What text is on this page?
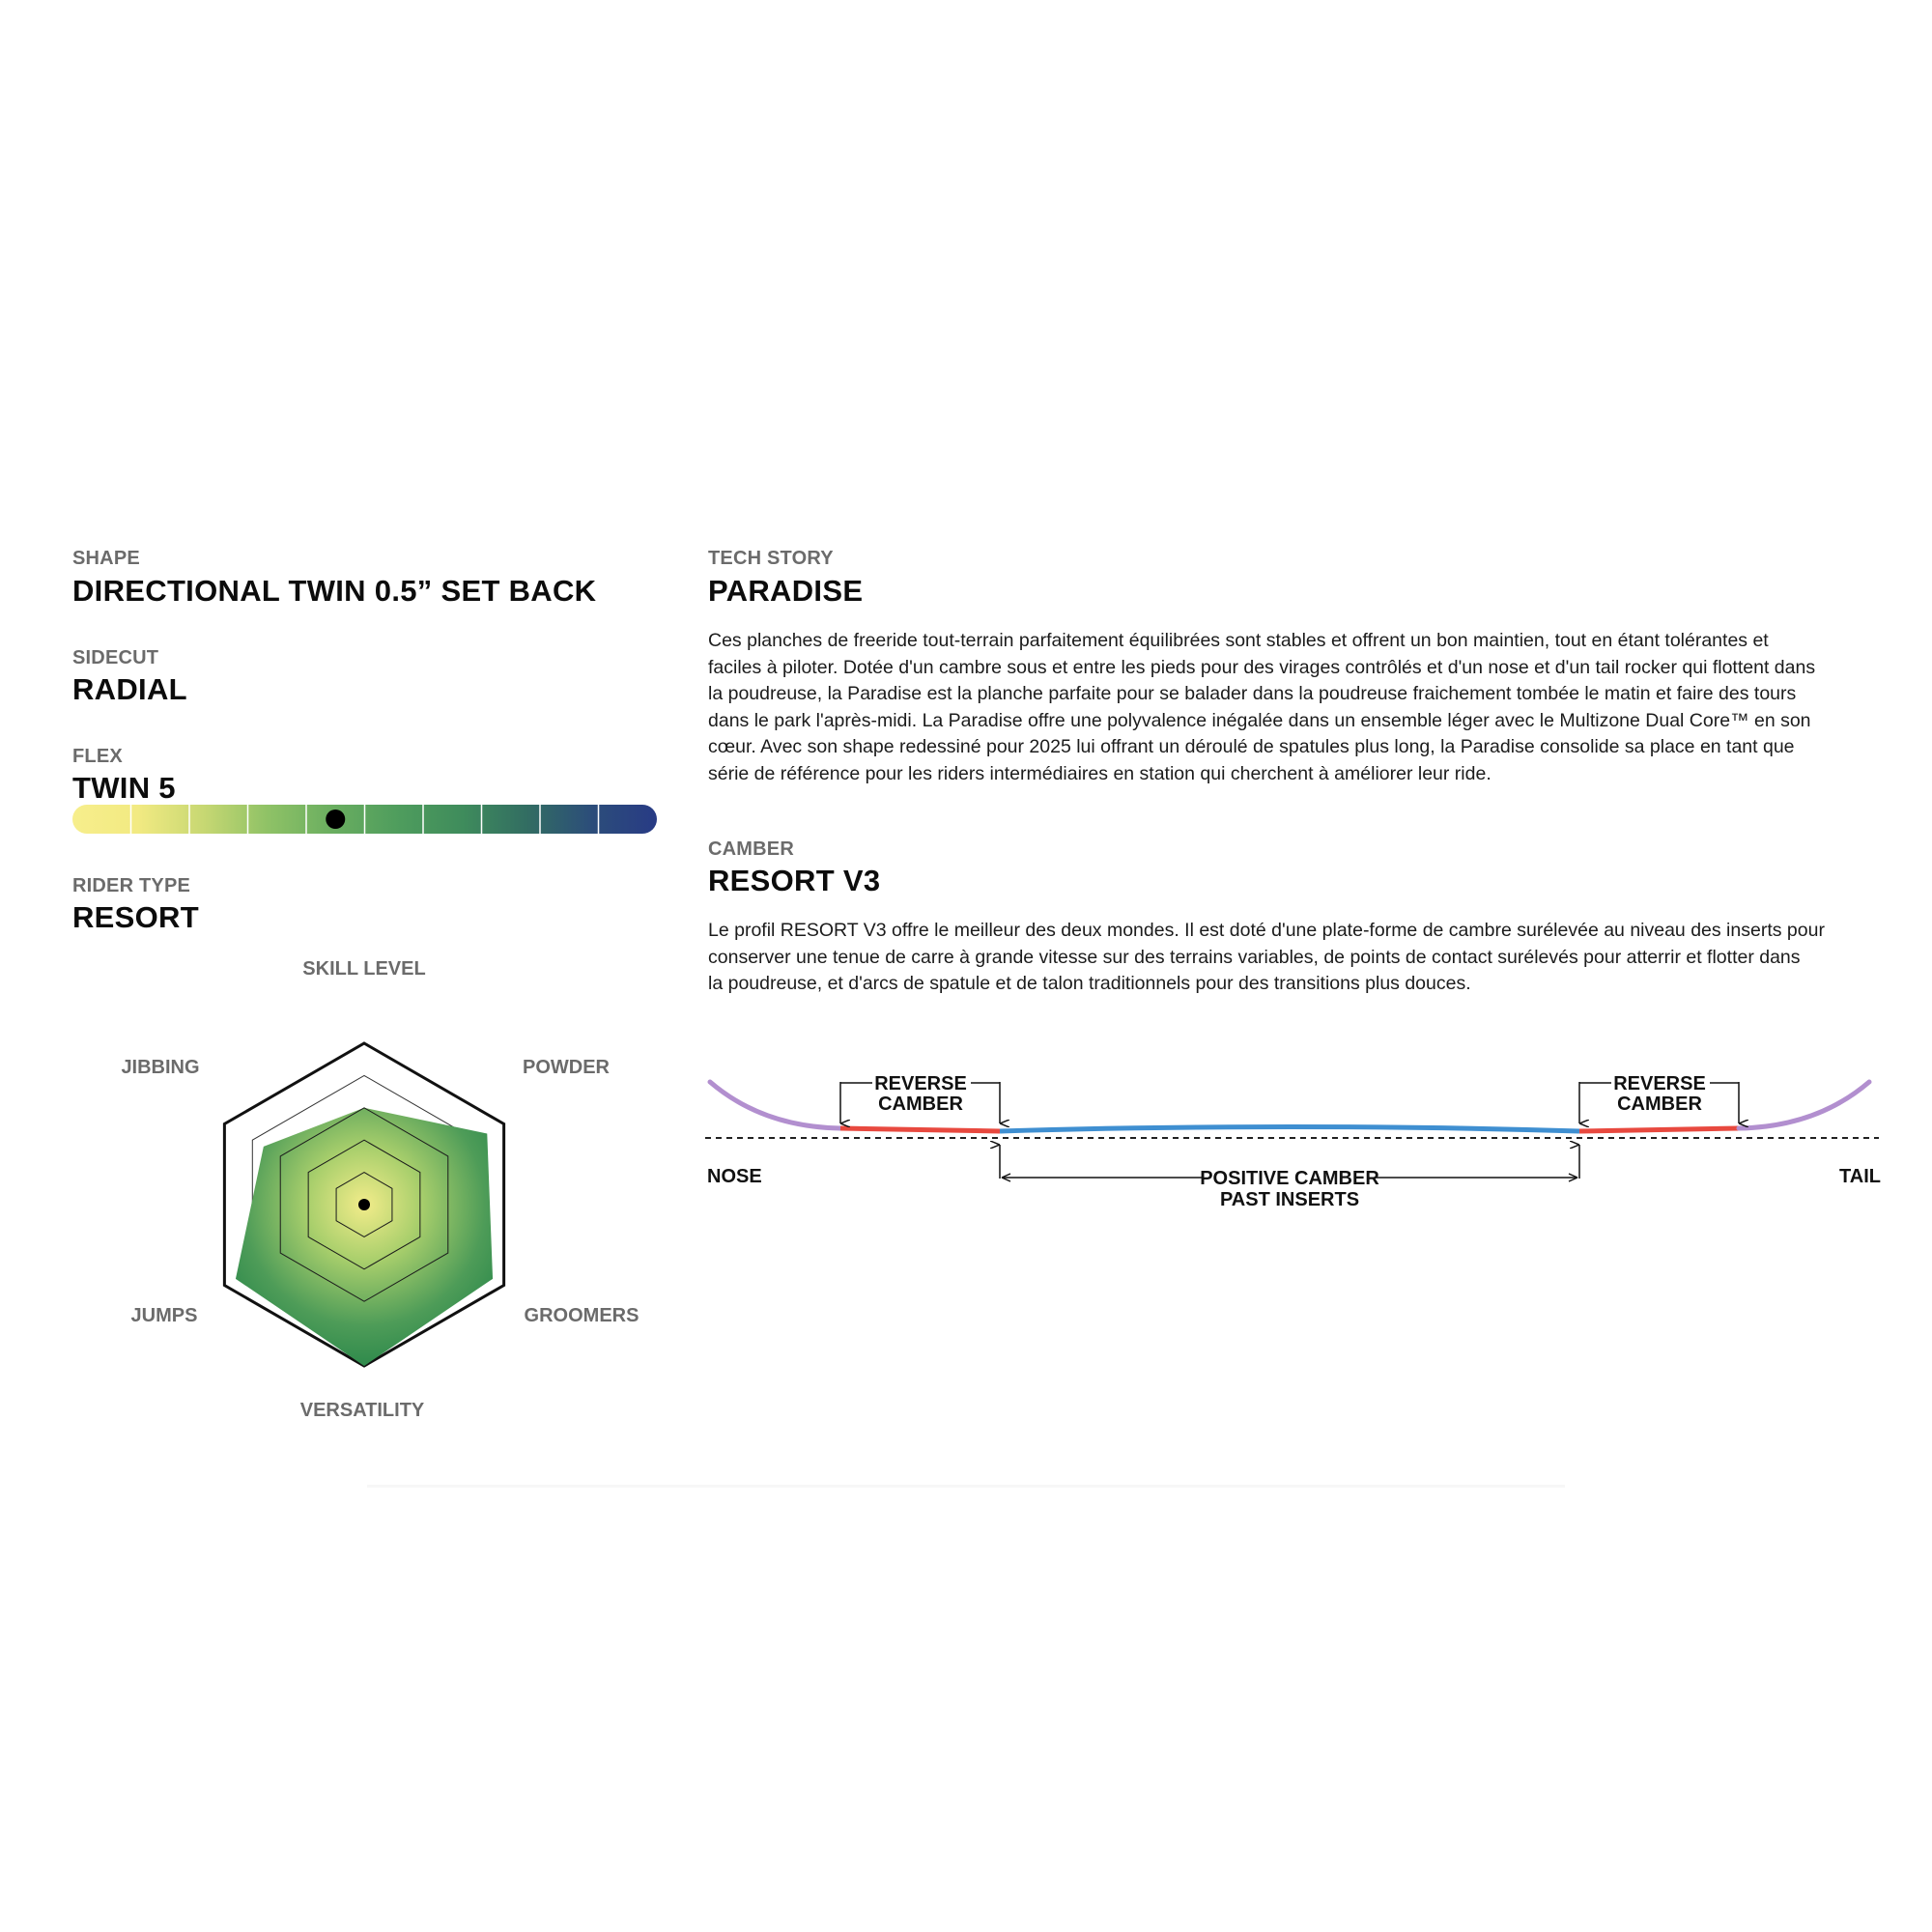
SHAPE
DIRECTIONAL TWIN 0.5” SET BACK
SIDECUT
RADIAL
FLEX
TWIN 5
RIDER TYPE
RESORT
SKILL LEVEL
POWDER
GROOMERS
VERSATILITY
JUMPS
JIBBING
TECH STORY
PARADISE
Ces planches de freeride tout-terrain parfaitement équilibrées sont stables et offrent un bon maintien, tout en étant tolérantes et
faciles à piloter. Dotée d'un cambre sous et entre les pieds pour des virages contrôlés et d'un nose et d'un tail rocker qui flottent dans
la poudreuse, la Paradise est la planche parfaite pour se balader dans la poudreuse fraichement tombée le matin et faire des tours
dans le park l'après-midi. La Paradise offre une polyvalence inégalée dans un ensemble léger avec le Multizone Dual Core™ en son
cœur. Avec son shape redessiné pour 2025 lui offrant un déroulé de spatules plus long, la Paradise consolide sa place en tant que
série de référence pour les riders intermédiaires en station qui cherchent à améliorer leur ride.
CAMBER
RESORT V3
Le profil RESORT V3 offre le meilleur des deux mondes. Il est doté d'une plate-forme de cambre surélevée au niveau des inserts pour
conserver une tenue de carre à grande vitesse sur des terrains variables, de points de contact surélevés pour atterrir et flotter dans
la poudreuse, et d'arcs de spatule et de talon traditionnels pour des transitions plus douces.
REVERSE
CAMBER
REVERSE
CAMBER
POSITIVE CAMBER
PAST INSERTS
NOSE	TAIL
